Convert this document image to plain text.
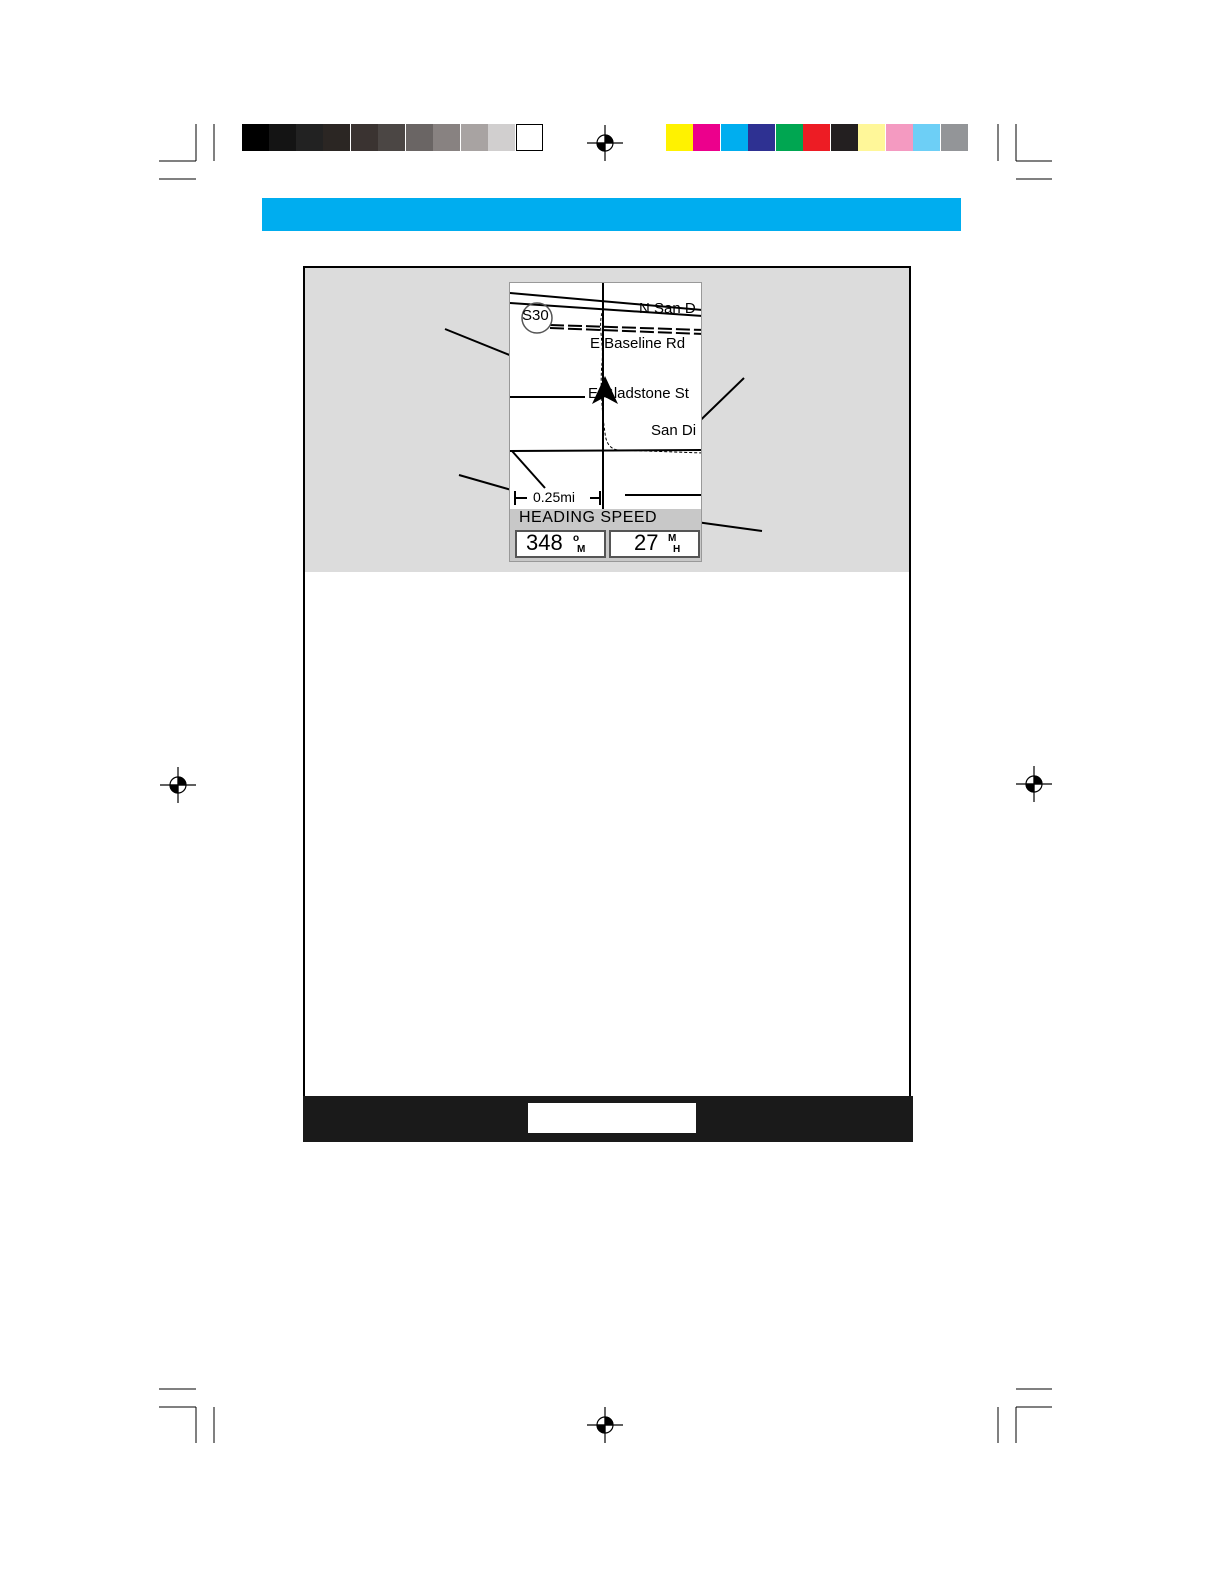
S30	N San D
E Baseline Rd
E Gladstone St
San Di
0.25mi
HEADING SPEED
348 o
M 27 M
H
